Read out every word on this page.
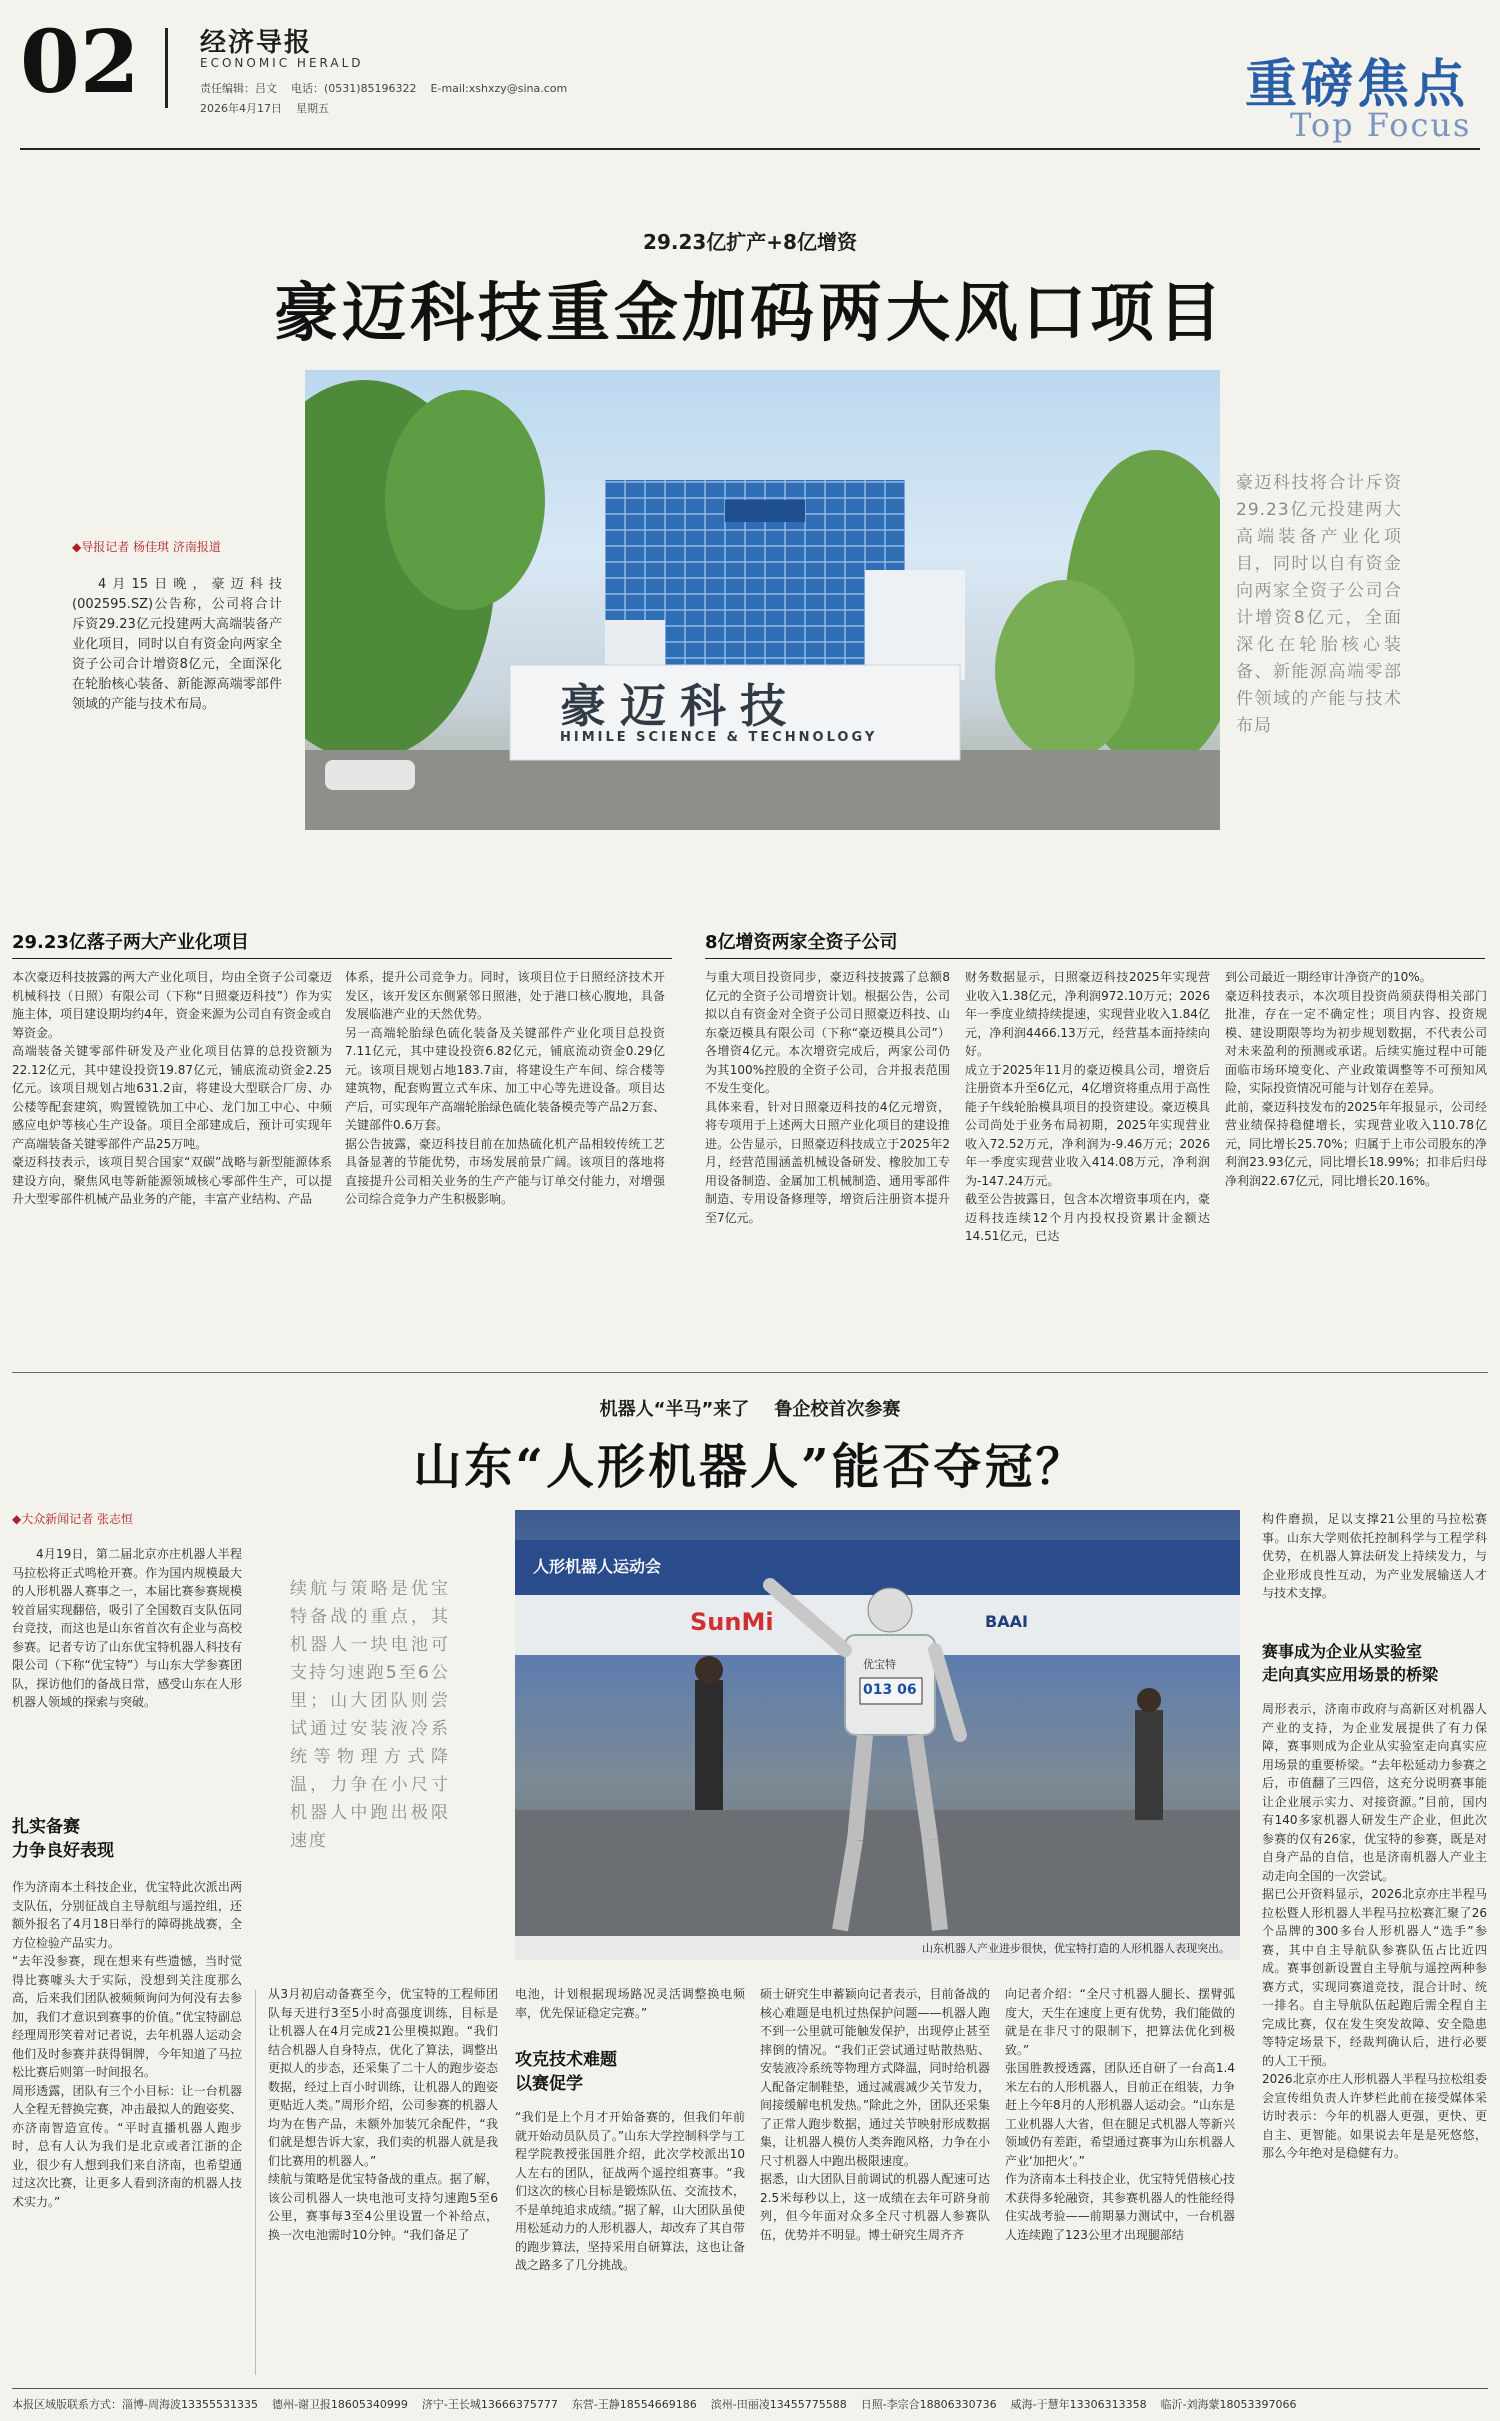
02 经济导报
ECONOMIC HERALD
责任编辑：吕文    电话：(0531)85196322    E-mail:xshxzy@sina.com
2026年4月17日    星期五	重磅焦点
Top Focus
29.23亿扩产+8亿增资
豪迈科技重金加码两大风口项目
豪迈科技
HIMILE SCIENCE & TECHNOLOGY
◆导报记者 杨佳琪 济南报道

4月15日晚，豪迈科技(002595.SZ)公告称，公司将合计斥资29.23亿元投建两大高端装备产业化项目，同时以自有资金向两家全资子公司合计增资8亿元，全面深化在轮胎核心装备、新能源高端零部件领域的产能与技术布局。

豪迈科技将合计斥资29.23亿元投建两大高端装备产业化项目，同时以自有资金向两家全资子公司合计增资8亿元，全面深化在轮胎核心装备、新能源高端零部件领域的产能与技术布局
29.23亿落子两大产业化项目	8亿增资两家全资子公司
本次豪迈科技披露的两大产业化项目，均由全资子公司豪迈机械科技（日照）有限公司（下称“日照豪迈科技”）作为实施主体，项目建设期均约4年，资金来源为公司自有资金或自筹资金。
高端装备关键零部件研发及产业化项目估算的总投资额为22.12亿元，其中建设投资19.87亿元，铺底流动资金2.25亿元。该项目规划占地631.2亩，将建设大型联合厂房、办公楼等配套建筑，购置镗铣加工中心、龙门加工中心、中频感应电炉等核心生产设备。项目全部建成后，预计可实现年产高端装备关键零部件产品25万吨。
豪迈科技表示，该项目契合国家“双碳”战略与新型能源体系建设方向，聚焦风电等新能源领域核心零部件生产，可以提升大型零部件机械产品业务的产能，丰富产业结构、产品
体系，提升公司竞争力。同时，该项目位于日照经济技术开发区，该开发区东侧紧邻日照港，处于港口核心腹地，具备发展临港产业的天然优势。
另一高端轮胎绿色硫化装备及关键部件产业化项目总投资7.11亿元，其中建设投资6.82亿元，铺底流动资金0.29亿元。该项目规划占地183.7亩，将建设生产车间、综合楼等建筑物，配套购置立式车床、加工中心等先进设备。项目达产后，可实现年产高端轮胎绿色硫化装备模壳等产品2万套、关键部件0.6万套。
据公告披露，豪迈科技目前在加热硫化机产品相较传统工艺具备显著的节能优势，市场发展前景广阔。该项目的落地将直接提升公司相关业务的生产产能与订单交付能力，对增强公司综合竞争力产生积极影响。
与重大项目投资同步，豪迈科技披露了总额8亿元的全资子公司增资计划。根据公告，公司拟以自有资金对全资子公司日照豪迈科技、山东豪迈模具有限公司（下称“豪迈模具公司”）各增资4亿元。本次增资完成后，两家公司仍为其100%控股的全资子公司，合并报表范围不发生变化。
具体来看，针对日照豪迈科技的4亿元增资，将专项用于上述两大日照产业化项目的建设推进。公告显示，日照豪迈科技成立于2025年2月，经营范围涵盖机械设备研发、橡胶加工专用设备制造、金属加工机械制造、通用零部件制造、专用设备修理等，增资后注册资本提升至7亿元。
财务数据显示，日照豪迈科技2025年实现营业收入1.38亿元，净利润972.10万元；2026年一季度业绩持续提速，实现营业收入1.84亿元，净利润4466.13万元，经营基本面持续向好。
成立于2025年11月的豪迈模具公司，增资后注册资本升至6亿元，4亿增资将重点用于高性能子午线轮胎模具项目的投资建设。豪迈模具公司尚处于业务布局初期，2025年实现营业收入72.52万元，净利润为-9.46万元；2026年一季度实现营业收入414.08万元，净利润为-147.24万元。
截至公告披露日，包含本次增资事项在内，豪迈科技连续12个月内投权投资累计金额达14.51亿元，已达
到公司最近一期经审计净资产的10%。
豪迈科技表示，本次项目投资尚须获得相关部门批准，存在一定不确定性；项目内容、投资规模、建设期限等均为初步规划数据，不代表公司对未来盈利的预测或承诺。后续实施过程中可能面临市场环境变化、产业政策调整等不可预知风险，实际投资情况可能与计划存在差异。
此前，豪迈科技发布的2025年年报显示，公司经营业绩保持稳健增长，实现营业收入110.78亿元，同比增长25.70%；归属于上市公司股东的净利润23.93亿元，同比增长18.99%；扣非后归母净利润22.67亿元，同比增长20.16%。
机器人“半马”来了    鲁企校首次参赛
山东“人形机器人”能否夺冠？
◆大众新闻记者 张志恒

4月19日，第二届北京亦庄机器人半程马拉松将正式鸣枪开赛。作为国内规模最大的人形机器人赛事之一，本届比赛参赛规模较首届实现翻倍，吸引了全国数百支队伍同台竞技，而这也是山东省首次有企业与高校参赛。记者专访了山东优宝特机器人科技有限公司（下称“优宝特”）与山东大学参赛团队，探访他们的备战日常，感受山东在人形机器人领域的探索与突破。

续航与策略是优宝特备战的重点，其机器人一块电池可支持匀速跑5至6公里；山大团队则尝试通过安装液冷系统等物理方式降温，力争在小尺寸机器人中跑出极限速度
扎实备赛
力争良好表现
作为济南本土科技企业，优宝特此次派出两支队伍，分别征战自主导航组与遥控组，还额外报名了4月18日举行的障碍挑战赛，全方位检验产品实力。
“去年没参赛，现在想来有些遗憾，当时觉得比赛噱头大于实际，没想到关注度那么高，后来我们团队被频频询问为何没有去参加，我们才意识到赛事的价值。”优宝特副总经理周形笑着对记者说，去年机器人运动会他们及时参赛并获得铜牌，今年知道了马拉松比赛后则第一时间报名。
周形透露，团队有三个小目标：让一台机器人全程无替换完赛，冲击最拟人的跑姿奖、亦济南智造宣传。“平时直播机器人跑步时，总有人认为我们是北京或者江浙的企业，很少有人想到我们来自济南，也希望通过这次比赛，让更多人看到济南的机器人技术实力。”
优宝特
013 06
人形机器人运动会
SunMi	BAAI
山东机器人产业进步很快，优宝特打造的人形机器人表现突出。
从3月初启动备赛至今，优宝特的工程师团队每天进行3至5小时高强度训练，目标是让机器人在4月完成21公里模拟跑。“我们结合机器人自身特点，优化了算法，调整出更拟人的步态，还采集了二十人的跑步姿态数据，经过上百小时训练，让机器人的跑姿更贴近人类。”周形介绍，公司参赛的机器人均为在售产品，未额外加装冗余配件，“我们就是想告诉大家，我们卖的机器人就是我们比赛用的机器人。”
续航与策略是优宝特备战的重点。据了解，该公司机器人一块电池可支持匀速跑5至6公里，赛事每3至4公里设置一个补给点，换一次电池需时10分钟。“我们备足了
电池，计划根据现场路况灵活调整换电频率，优先保证稳定完赛。”
攻克技术难题
以赛促学
“我们是上个月才开始备赛的，但我们年前就开始动员队员了。”山东大学控制科学与工程学院教授张国胜介绍，此次学校派出10人左右的团队，征战两个遥控组赛事。“我们这次的核心目标是锻炼队伍、交流技术，不是单纯追求成绩。”据了解，山大团队虽使用松延动力的人形机器人，却改弃了其自带的跑步算法，坚持采用自研算法，这也让备战之路多了几分挑战。
硕士研究生申蓄颖向记者表示，目前备战的核心难题是电机过热保护问题——机器人跑不到一公里就可能触发保护，出现停止甚至摔倒的情况。“我们正尝试通过贴散热贴、安装液冷系统等物理方式降温，同时给机器人配备定制鞋垫，通过减震减少关节发力，间接缓解电机发热。”除此之外，团队还采集了正常人跑步数据，通过关节映射形成数据集，让机器人模仿人类奔跑风格，力争在小尺寸机器人中跑出极限速度。
据悉，山大团队目前调试的机器人配速可达2.5米每秒以上，这一成绩在去年可跻身前列，但今年面对众多全尺寸机器人参赛队伍，优势并不明显。博士研究生周齐齐
向记者介绍：“全尺寸机器人腿长、摆臂弧度大，天生在速度上更有优势，我们能做的就是在非尺寸的限制下，把算法优化到极致。”
张国胜教授透露，团队还自研了一台高1.4米左右的人形机器人，目前正在组装，力争赶上今年8月的人形机器人运动会。“山东是工业机器人大省，但在腿足式机器人等新兴领域仍有差距，希望通过赛事为山东机器人产业‘加把火’。”
作为济南本土科技企业，优宝特凭借核心技术获得多轮融资，其参赛机器人的性能经得住实战考验——前期暴力测试中，一台机器人连续跑了123公里才出现腿部结
构件磨损，足以支撑21公里的马拉松赛事。山东大学则依托控制科学与工程学科优势，在机器人算法研发上持续发力，与企业形成良性互动，为产业发展输送人才与技术支撑。
赛事成为企业从实验室
走向真实应用场景的桥梁
周形表示，济南市政府与高新区对机器人产业的支持，为企业发展提供了有力保障，赛事则成为企业从实验室走向真实应用场景的重要桥梁。“去年松延动力参赛之后，市值翻了三四倍，这充分说明赛事能让企业展示实力、对接资源。”目前，国内有140多家机器人研发生产企业，但此次参赛的仅有26家，优宝特的参赛，既是对自身产品的自信，也是济南机器人产业主动走向全国的一次尝试。
据已公开资料显示，2026北京亦庄半程马拉松暨人形机器人半程马拉松赛汇聚了26个品牌的300多台人形机器人“选手”参赛，其中自主导航队参赛队伍占比近四成。赛事创新设置自主导航与遥控两种参赛方式，实现同赛道竞技，混合计时、统一排名。自主导航队伍起跑后需全程自主完成比赛，仅在发生突发故障、安全隐患等特定场景下，经裁判确认后，进行必要的人工干预。
2026北京亦庄人形机器人半程马拉松组委会宣传组负责人许梦栏此前在接受媒体采访时表示：今年的机器人更强，更快、更自主、更智能。如果说去年是是死悠悠，那么今年绝对是稳健有力。
本报区域版联系方式：淄博-周海波13355531335    德州-谢卫报18605340999    济宁-王长城13666375777    东营-王静18554669186    滨州-田丽凌13455775588    日照-李宗合18806330736    威海-于慧年13306313358    临沂-刘海蒙18053397066
